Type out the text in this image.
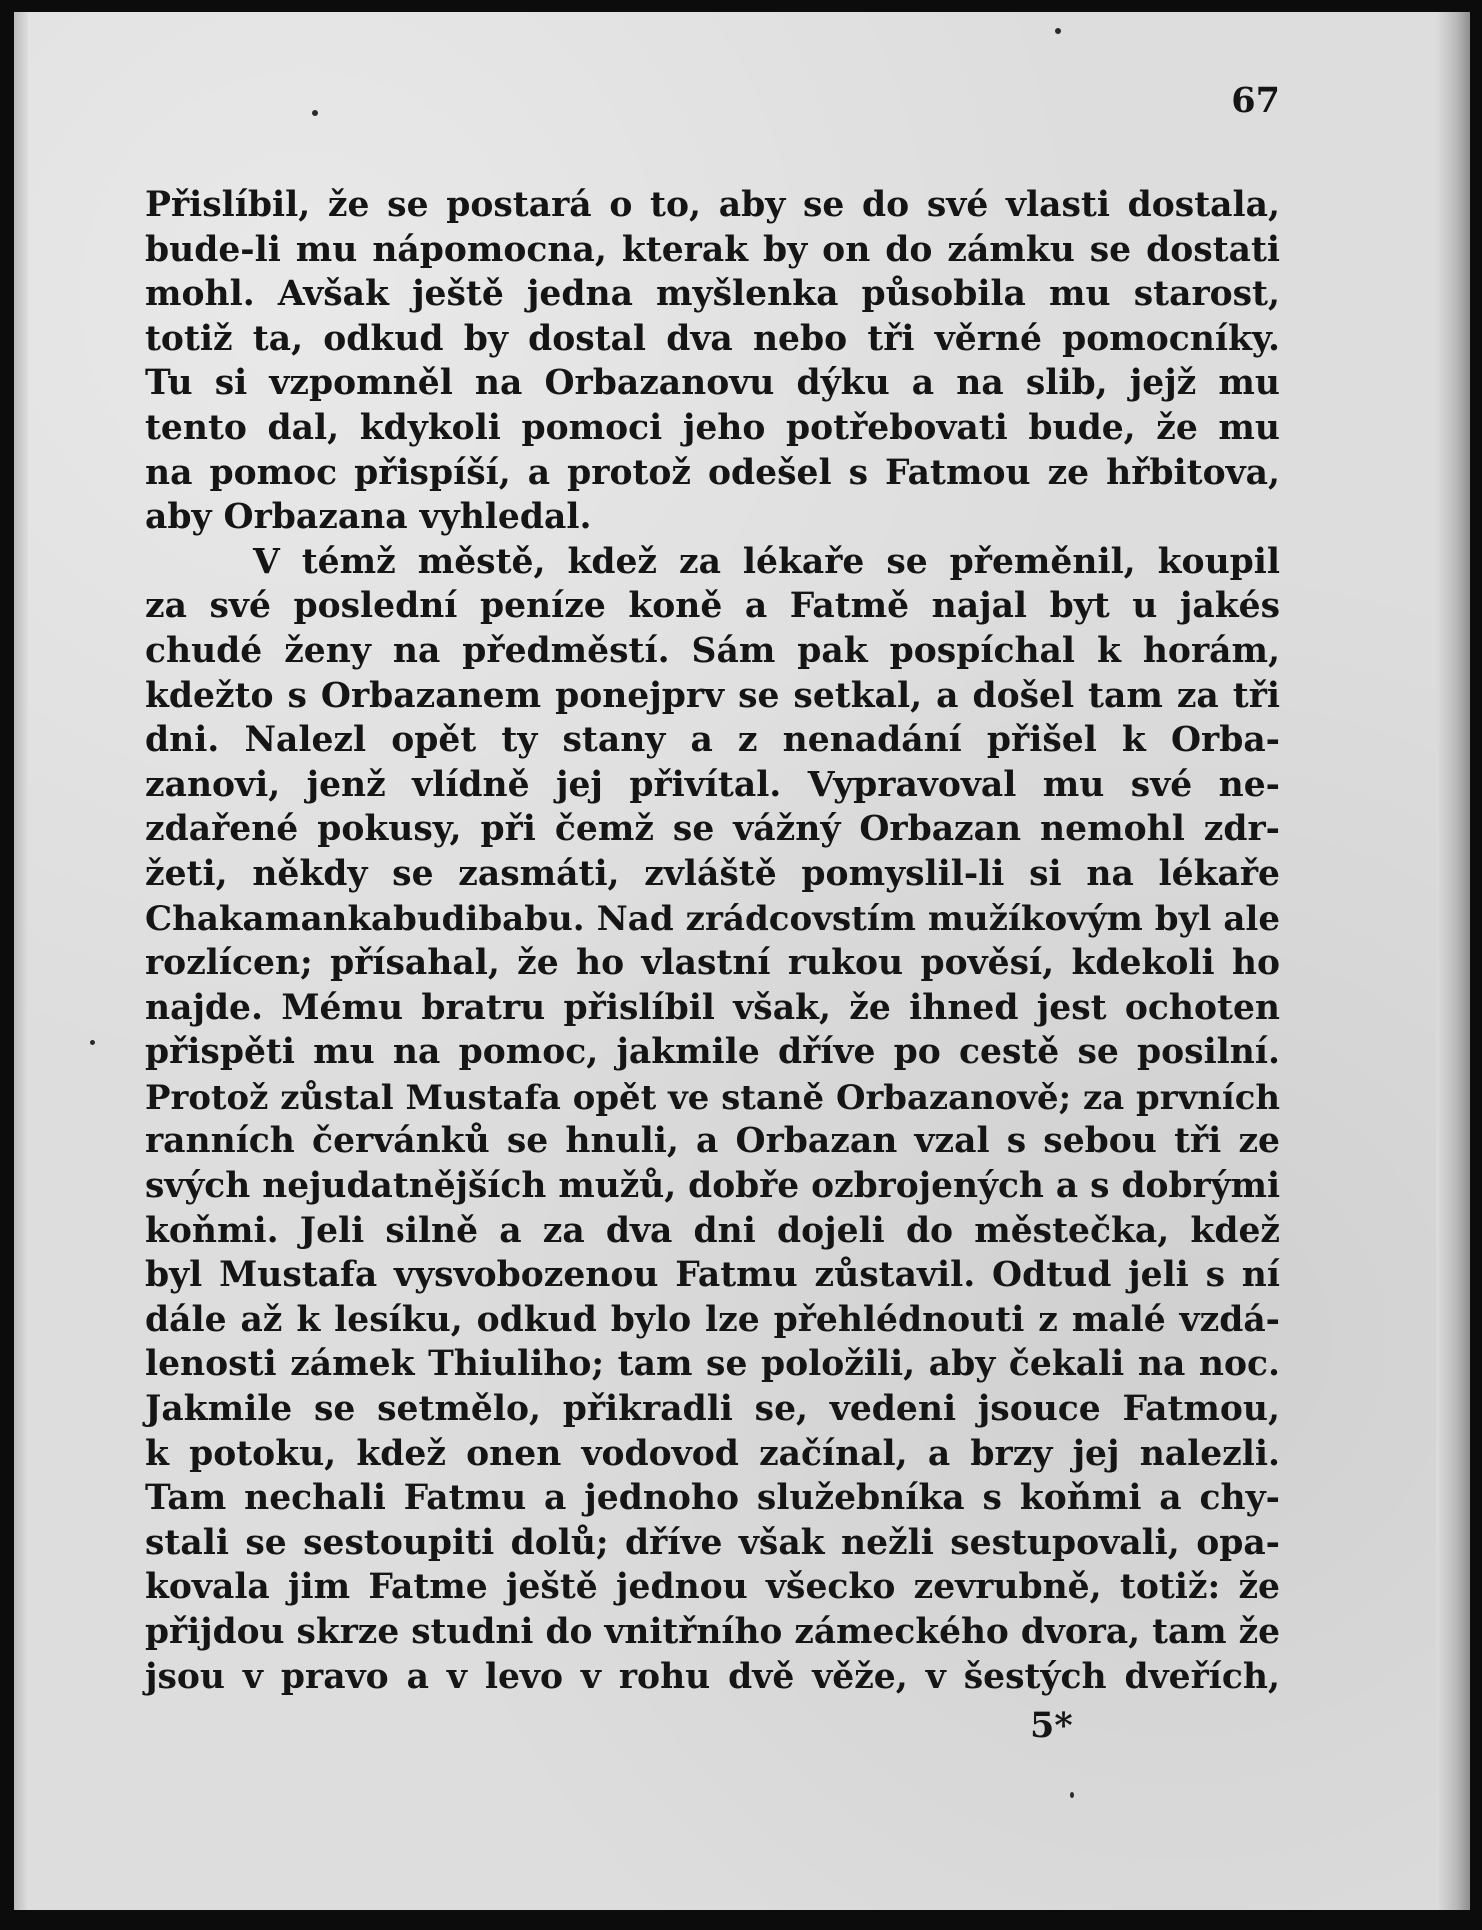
67
Přislíbil, že se postará o to, aby se do své vlasti dostala,
bude-li mu nápomocna, kterak by on do zámku se dostati
mohl. Avšak ještě jedna myšlenka působila mu starost,
totiž ta, odkud by dostal dva nebo tři věrné pomocníky.
Tu si vzpomněl na Orbazanovu dýku a na slib, jejž mu
tento dal, kdykoli pomoci jeho potřebovati bude, že mu
na pomoc přispíší, a protož odešel s Fatmou ze hřbitova,
aby Orbazana vyhledal.
V témž městě, kdež za lékaře se přeměnil, koupil
za své poslední peníze koně a Fatmě najal byt u jakés
chudé ženy na předměstí. Sám pak pospíchal k horám,
kdežto s Orbazanem ponejprv se setkal, a došel tam za tři
dni. Nalezl opět ty stany a z nenadání přišel k Orba-
zanovi, jenž vlídně jej přivítal. Vypravoval mu své ne-
zdařené pokusy, při čemž se vážný Orbazan nemohl zdr-
žeti, někdy se zasmáti, zvláště pomyslil-li si na lékaře
Chakamankabudibabu. Nad zrádcovstím mužíkovým byl ale
rozlícen; přísahal, že ho vlastní rukou pověsí, kdekoli ho
najde. Mému bratru přislíbil však, že ihned jest ochoten
přispěti mu na pomoc, jakmile dříve po cestě se posilní.
Protož zůstal Mustafa opět ve staně Orbazanově; za prvních
ranních červánků se hnuli, a Orbazan vzal s sebou tři ze
svých nejudatnějších mužů, dobře ozbrojených a s dobrými
koňmi. Jeli silně a za dva dni dojeli do městečka, kdež
byl Mustafa vysvobozenou Fatmu zůstavil. Odtud jeli s ní
dále až k lesíku, odkud bylo lze přehlédnouti z malé vzdá-
lenosti zámek Thiuliho; tam se položili, aby čekali na noc.
Jakmile se setmělo, přikradli se, vedeni jsouce Fatmou,
k potoku, kdež onen vodovod začínal, a brzy jej nalezli.
Tam nechali Fatmu a jednoho služebníka s koňmi a chy-
stali se sestoupiti dolů; dříve však nežli sestupovali, opa-
kovala jim Fatme ještě jednou všecko zevrubně, totiž: že
přijdou skrze studni do vnitřního zámeckého dvora, tam že
jsou v pravo a v levo v rohu dvě věže, v šestých dveřích,
5*
